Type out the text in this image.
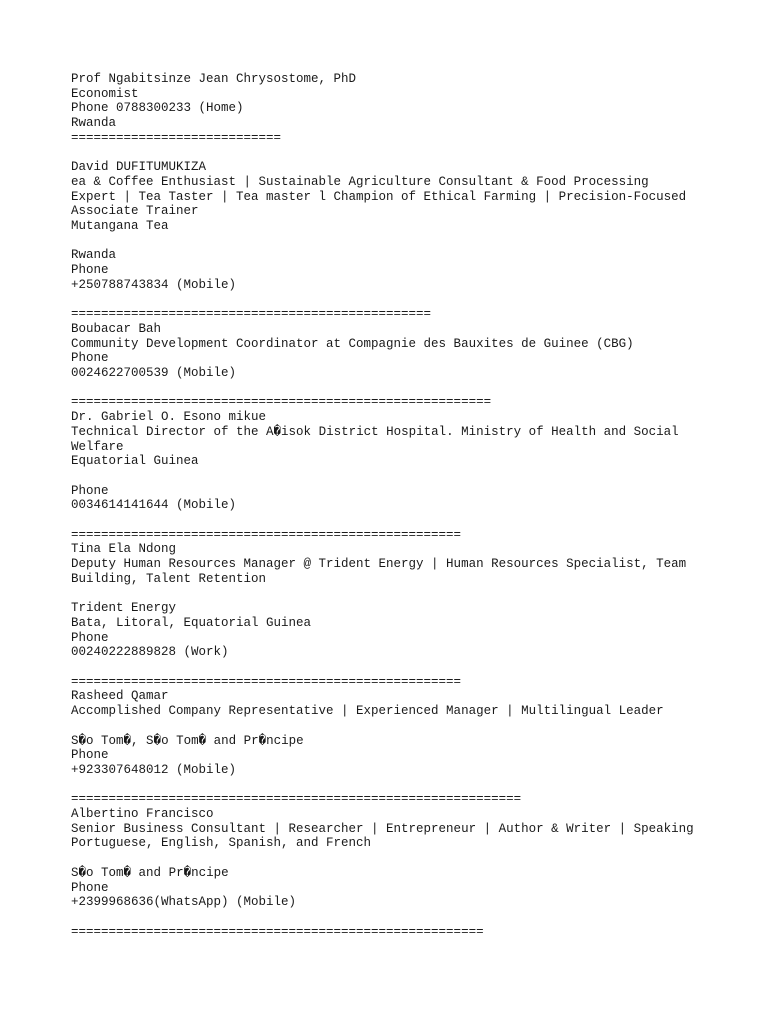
Prof Ngabitsinze Jean Chrysostome, PhD
Economist
Phone 0788300233 (Home)
Rwanda
============================
David DUFITUMUKIZA
ea & Coffee Enthusiast | Sustainable Agriculture Consultant & Food Processing
Expert | Tea Taster | Tea master l Champion of Ethical Farming | Precision-Focused
Associate Trainer
Mutangana Tea
Rwanda
Phone
+250788743834 (Mobile)
================================================
Boubacar Bah
Community Development Coordinator at Compagnie des Bauxites de Guinee (CBG)
Phone
0024622700539 (Mobile)
========================================================
Dr. Gabriel O. Esono mikue
Technical Director of the A�isok District Hospital. Ministry of Health and Social
Welfare
Equatorial Guinea
Phone
0034614141644 (Mobile)
====================================================
Tina Ela Ndong
Deputy Human Resources Manager @ Trident Energy | Human Resources Specialist, Team
Building, Talent Retention
Trident Energy
Bata, Litoral, Equatorial Guinea
Phone
00240222889828 (Work)
====================================================
Rasheed Qamar
Accomplished Company Representative | Experienced Manager | Multilingual Leader
S�o Tom�, S�o Tom� and Pr�ncipe
Phone
+923307648012 (Mobile)
============================================================
Albertino Francisco
Senior Business Consultant | Researcher | Entrepreneur | Author & Writer | Speaking
Portuguese, English, Spanish, and French
S�o Tom� and Pr�ncipe
Phone
+2399968636(WhatsApp) (Mobile)
=======================================================
